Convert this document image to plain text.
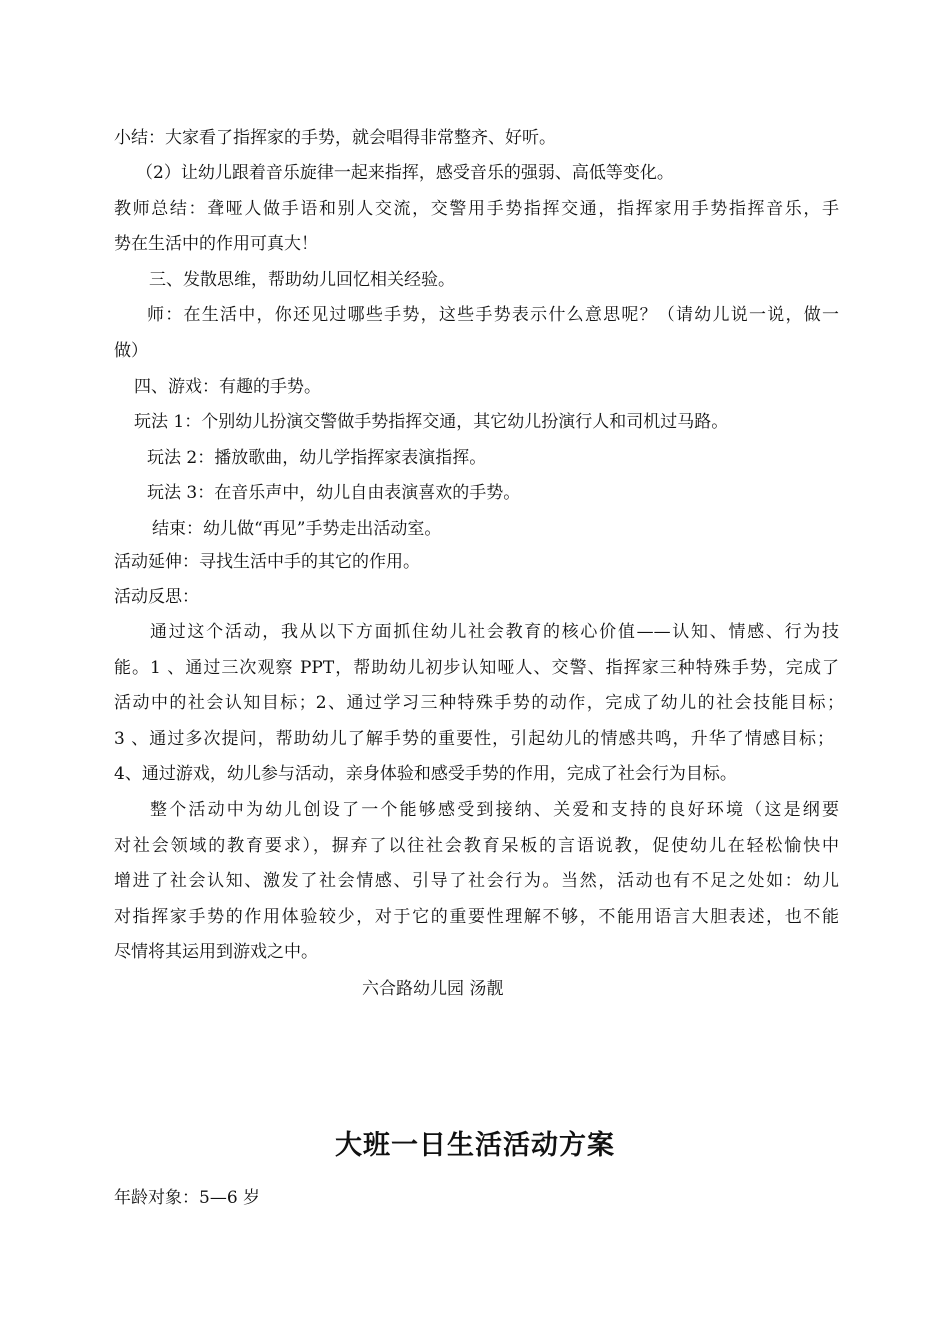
小结：大家看了指挥家的手势，就会唱得非常整齐、好听。
（2）让幼儿跟着音乐旋律一起来指挥，感受音乐的强弱、高低等变化。
教师总结：聋哑人做手语和别人交流，交警用手势指挥交通，指挥家用手势指挥音乐，手
势在生活中的作用可真大！
三、发散思维，帮助幼儿回忆相关经验。
师：在生活中，你还见过哪些手势，这些手势表示什么意思呢？（请幼儿说一说，做一
做）
四、游戏：有趣的手势。
玩法 1：个别幼儿扮演交警做手势指挥交通，其它幼儿扮演行人和司机过马路。
玩法 2：播放歌曲，幼儿学指挥家表演指挥。
玩法 3：在音乐声中，幼儿自由表演喜欢的手势。
结束：幼儿做“再见”手势走出活动室。
活动延伸：寻找生活中手的其它的作用。
活动反思：
通过这个活动，我从以下方面抓住幼儿社会教育的核心价值——认知、情感、行为技
能。1 、通过三次观察 PPT，帮助幼儿初步认知哑人、交警、指挥家三种特殊手势，完成了
活动中的社会认知目标；2、通过学习三种特殊手势的动作，完成了幼儿的社会技能目标；
3 、通过多次提问，帮助幼儿了解手势的重要性，引起幼儿的情感共鸣，升华了情感目标；
4、通过游戏，幼儿参与活动，亲身体验和感受手势的作用，完成了社会行为目标。
整个活动中为幼儿创设了一个能够感受到接纳、关爱和支持的良好环境（这是纲要
对社会领域的教育要求），摒弃了以往社会教育呆板的言语说教，促使幼儿在轻松愉快中
增进了社会认知、激发了社会情感、引导了社会行为。当然，活动也有不足之处如：幼儿
对指挥家手势的作用体验较少，对于它的重要性理解不够，不能用语言大胆表述，也不能
尽情将其运用到游戏之中。
六合路幼儿园 汤靓
大班一日生活活动方案
年龄对象：5—6 岁
